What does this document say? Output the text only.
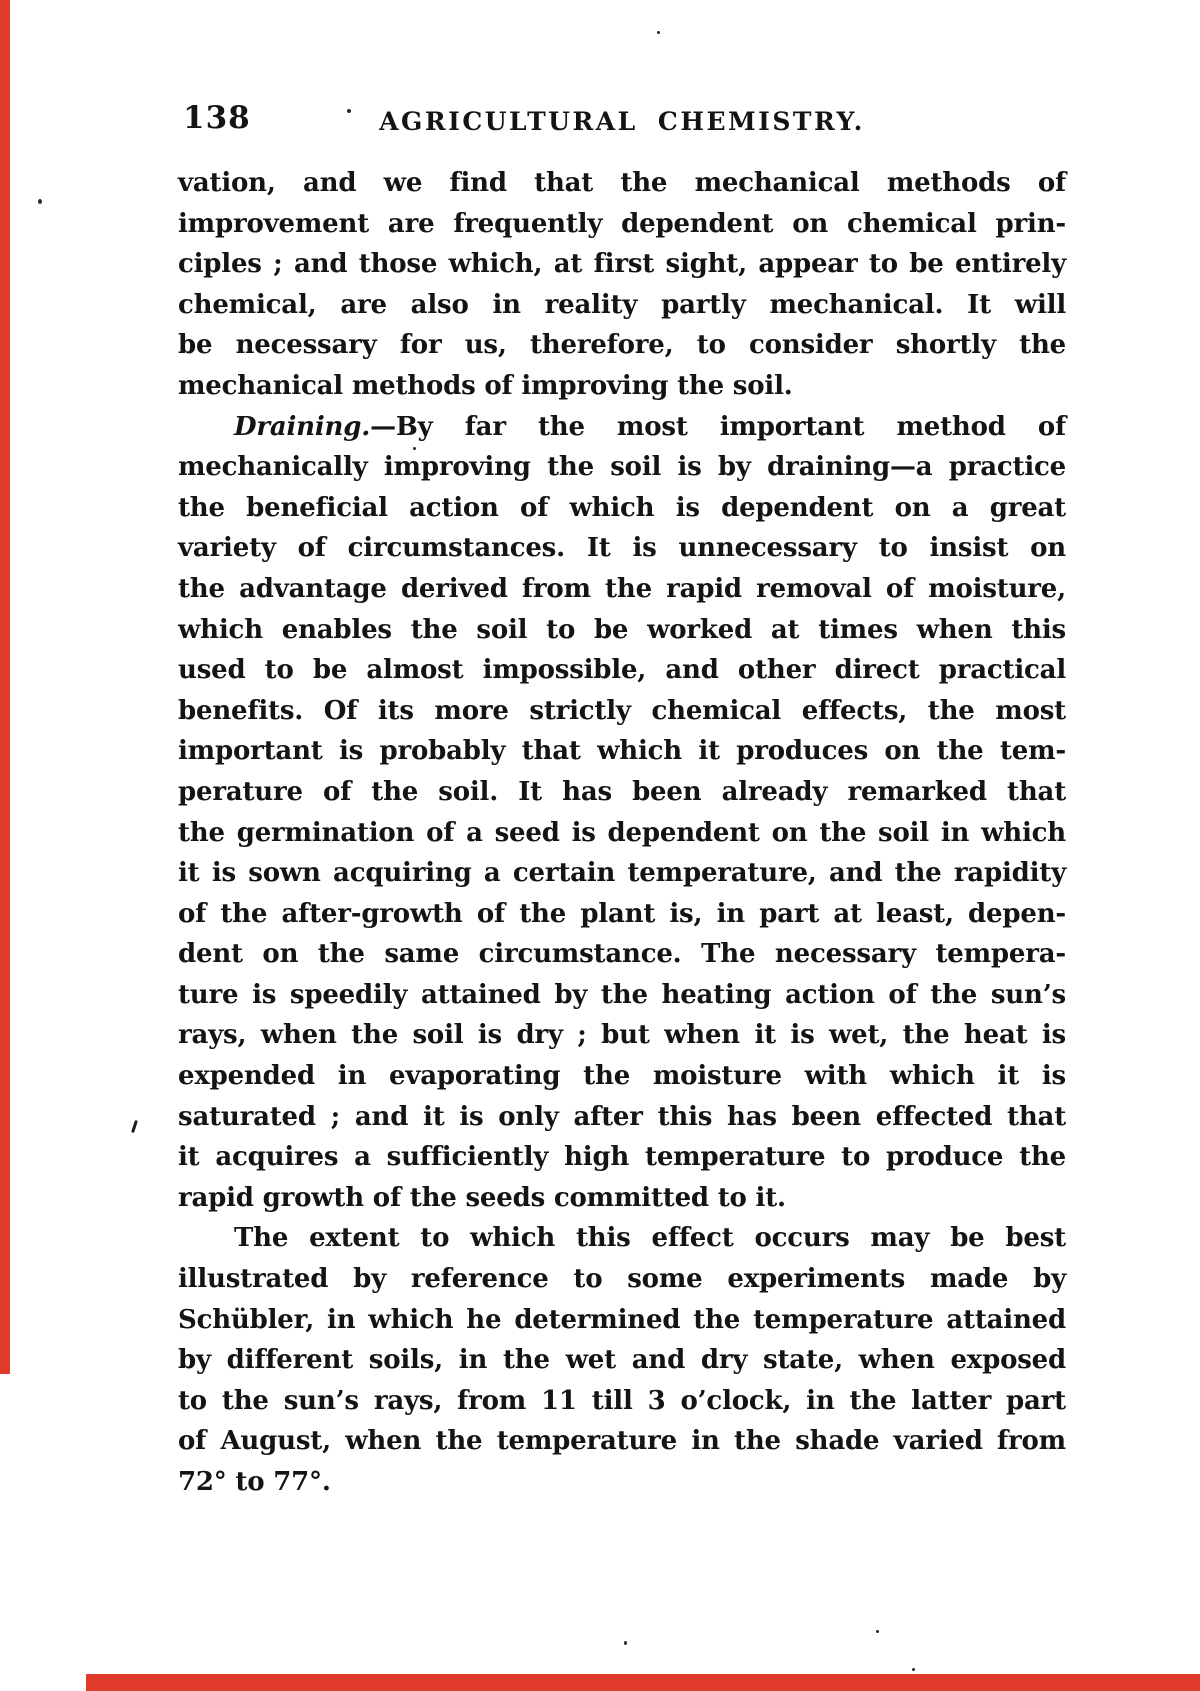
138	AGRICULTURAL CHEMISTRY.
vation, and we find that the mechanical methods of
improvement are frequently dependent on chemical prin-
ciples ; and those which, at first sight, appear to be entirely
chemical, are also in reality partly mechanical. It will
be necessary for us, therefore, to consider shortly the
mechanical methods of improving the soil.
Draining.—By far the most important method of
mechanically improving the soil is by draining—a practice
the beneficial action of which is dependent on a great
variety of circumstances. It is unnecessary to insist on
the advantage derived from the rapid removal of moisture,
which enables the soil to be worked at times when this
used to be almost impossible, and other direct practical
benefits. Of its more strictly chemical effects, the most
important is probably that which it produces on the tem-
perature of the soil. It has been already remarked that
the germination of a seed is dependent on the soil in which
it is sown acquiring a certain temperature, and the rapidity
of the after-growth of the plant is, in part at least, depen-
dent on the same circumstance. The necessary tempera-
ture is speedily attained by the heating action of the sun’s
rays, when the soil is dry ; but when it is wet, the heat is
expended in evaporating the moisture with which it is
saturated ; and it is only after this has been effected that
it acquires a sufficiently high temperature to produce the
rapid growth of the seeds committed to it.
The extent to which this effect occurs may be best
illustrated by reference to some experiments made by
Schübler, in which he determined the temperature attained
by different soils, in the wet and dry state, when exposed
to the sun’s rays, from 11 till 3 o’clock, in the latter part
of August, when the temperature in the shade varied from
72° to 77°.
